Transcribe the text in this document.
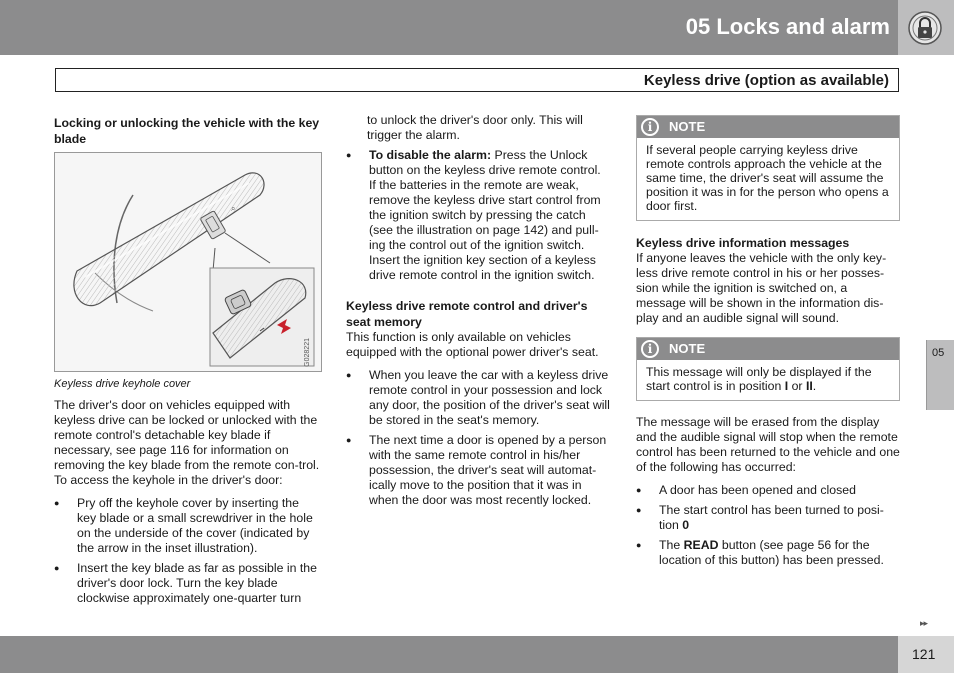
05 Locks and alarm
Keyless drive (option as available)
Locking or unlocking the vehicle with the key blade
⌕
G028221
Keyless drive keyhole cover

The driver's door on vehicles equipped with keyless drive can be locked or unlocked with the remote control's detachable key blade if necessary, see page 116 for information on removing the key blade from the remote con-trol. To access the keyhole in the driver's door:

● Pry off the keyhole cover by inserting the key blade or a small screwdriver in the hole on the underside of the cover (indicated by the arrow in the inset illustration).
● Insert the key blade as far as possible in the driver's door lock. Turn the key blade clockwise approximately one-quarter turn

to unlock the driver's door only. This will trigger the alarm.

● To disable the alarm: Press the Unlock button on the keyless drive remote control. If the batteries in the remote are weak, remove the keyless drive start control from the ignition switch by pressing the catch (see the illustration on page 142) and pull-ing the control out of the ignition switch. Insert the ignition key section of a keyless drive remote control in the ignition switch.
Keyless drive remote control and driver's seat memory

This function is only available on vehicles equipped with the optional power driver's seat.

● When you leave the car with a keyless drive remote control in your possession and lock any door, the position of the driver's seat will be stored in the seat's memory.
● The next time a door is opened by a person with the same remote control in his/her possession, the driver's seat will automat-ically move to the position that it was in when the door was most recently locked.
i	NOTE
If several people carrying keyless drive remote controls approach the vehicle at the same time, the driver's seat will assume the position it was in for the person who opens a door first.
Keyless drive information messages

If anyone leaves the vehicle with the only key-less drive remote control in his or her posses-sion while the ignition is switched on, a message will be shown in the information dis-play and an audible signal will sound.

i	NOTE
This message will only be displayed if the start control is in position I or II.

The message will be erased from the display and the audible signal will stop when the remote control has been returned to the vehicle and one of the following has occurred:

● A door has been opened and closed
● The start control has been turned to posi-tion 0
● The READ button (see page 56 for the location of this button) has been pressed.
05
▸▸
121
